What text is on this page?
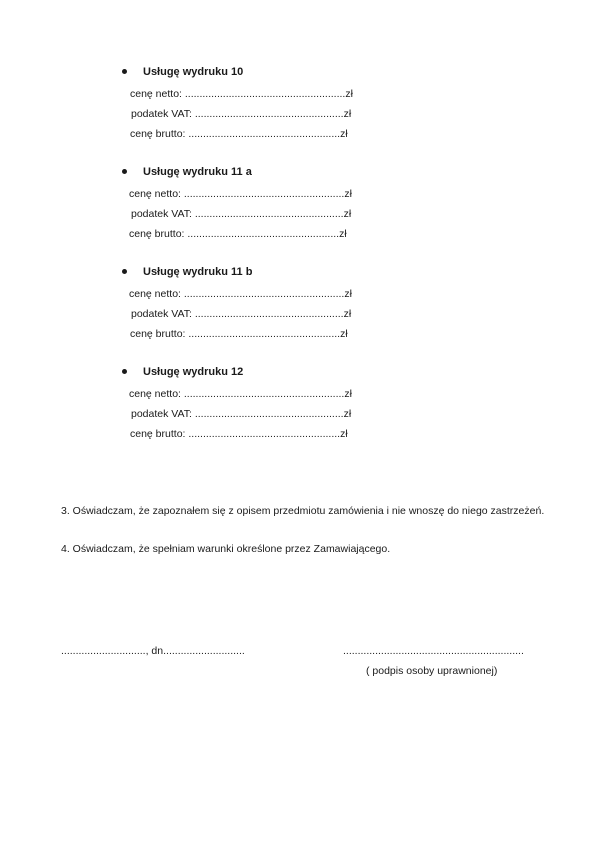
Usługę wydruku 10
cenę netto: .......................................................zł
podatek VAT: ...................................................zł
cenę brutto: ....................................................zł
Usługę wydruku 11 a
cenę netto: .......................................................zł
podatek VAT: ...................................................zł
cenę brutto: ....................................................zł
Usługę wydruku 11 b
cenę netto: .......................................................zł
podatek VAT: ...................................................zł
cenę brutto: ....................................................zł
Usługę wydruku 12
cenę netto: .......................................................zł
podatek VAT: ...................................................zł
cenę brutto: ....................................................zł
3. Oświadczam, że zapoznałem się z opisem przedmiotu zamówienia i nie wnoszę do niego zastrzeżeń.
4. Oświadczam, że spełniam warunki określone przez Zamawiającego.
............................., dn............................	..............................................................
( podpis osoby uprawnionej)
